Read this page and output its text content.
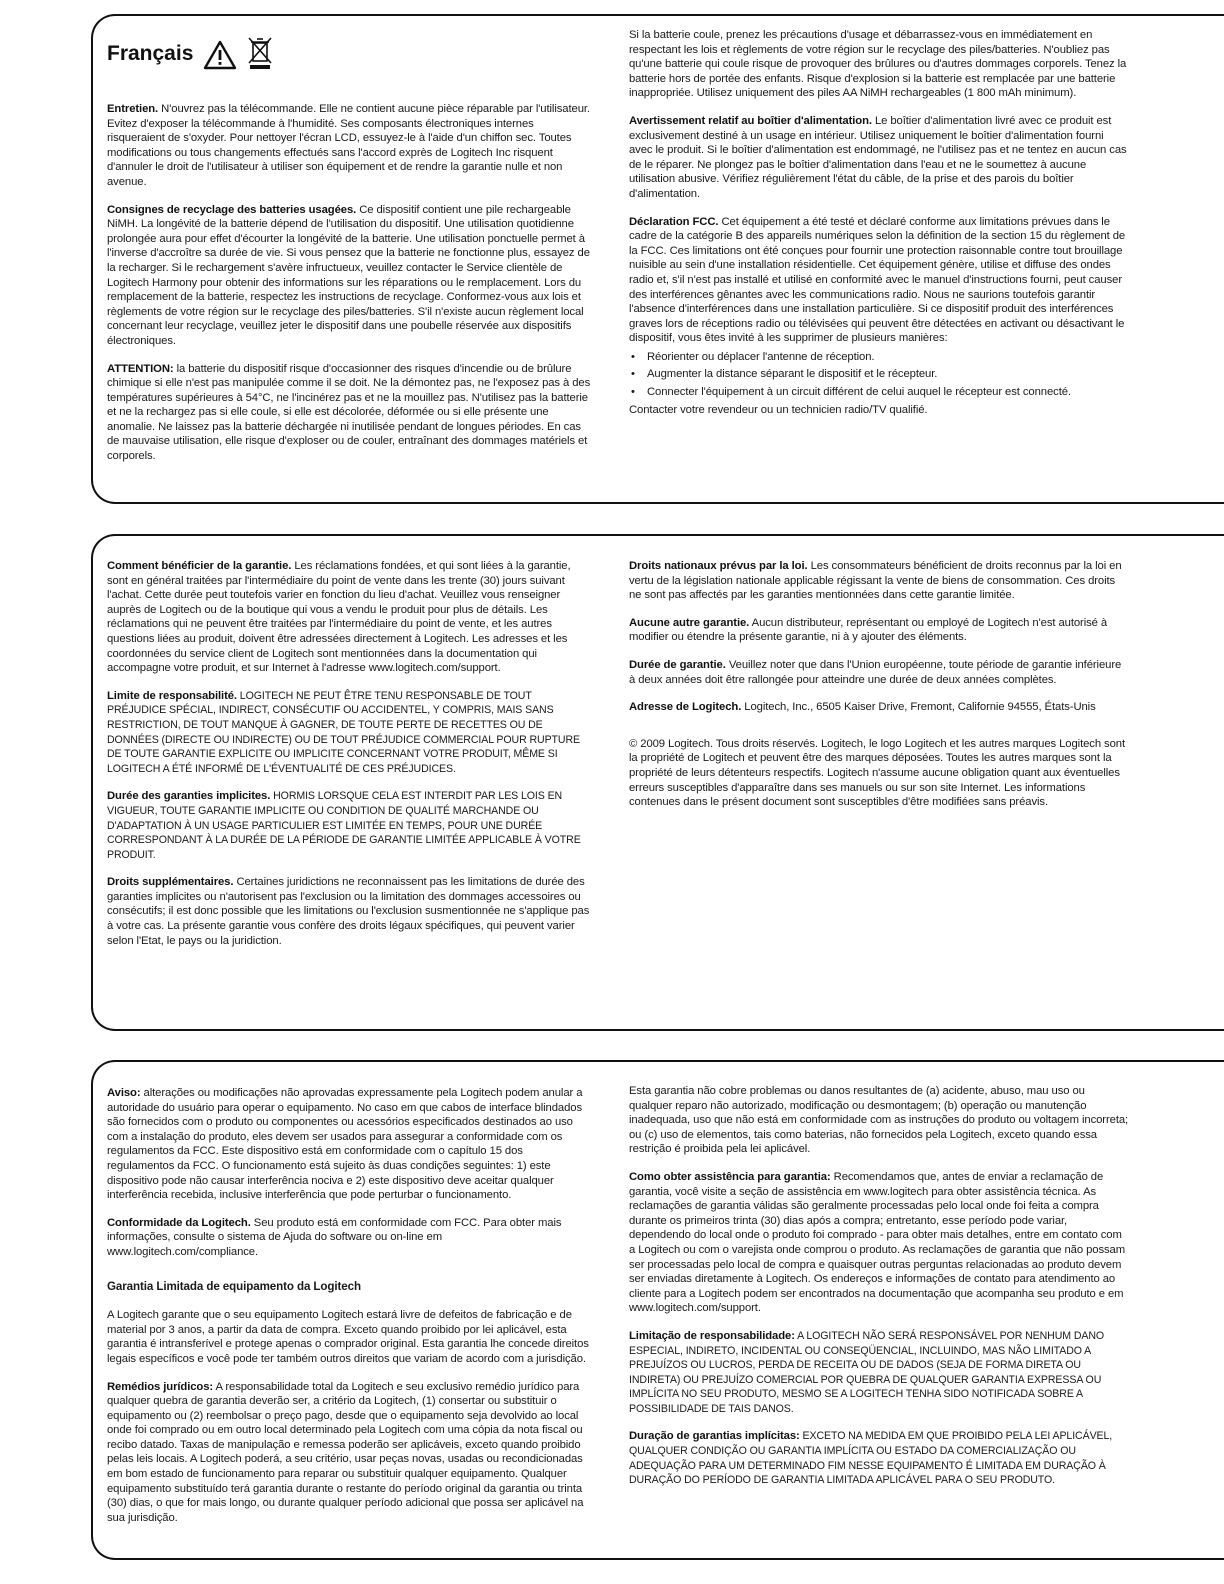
Français

Entretien. N'ouvrez pas la télécommande. Elle ne contient aucune pièce réparable par l'utilisateur. Evitez d'exposer la télécommande à l'humidité. Ses composants électroniques internes risqueraient de s'oxyder. Pour nettoyer l'écran LCD, essuyez-le à l'aide d'un chiffon sec. Toutes modifications ou tous changements effectués sans l'accord exprès de Logitech Inc risquent d'annuler le droit de l'utilisateur à utiliser son équipement et de rendre la garantie nulle et non avenue.

Consignes de recyclage des batteries usagées. Ce dispositif contient une pile rechargeable NiMH. La longévité de la batterie dépend de l'utilisation du dispositif. Une utilisation quotidienne prolongée aura pour effet d'écourter la longévité de la batterie. Une utilisation ponctuelle permet à l'inverse d'accroître sa durée de vie. Si vous pensez que la batterie ne fonctionne plus, essayez de la recharger. Si le rechargement s'avère infructueux, veuillez contacter le Service clientèle de Logitech Harmony pour obtenir des informations sur les réparations ou le remplacement. Lors du remplacement de la batterie, respectez les instructions de recyclage. Conformez-vous aux lois et règlements de votre région sur le recyclage des piles/batteries. S'il n'existe aucun règlement local concernant leur recyclage, veuillez jeter le dispositif dans une poubelle réservée aux dispositifs électroniques.

ATTENTION: la batterie du dispositif risque d'occasionner des risques d'incendie ou de brûlure chimique si elle n'est pas manipulée comme il se doit. Ne la démontez pas, ne l'exposez pas à des températures supérieures à 54°C, ne l'incinérez pas et ne la mouillez pas. N'utilisez pas la batterie et ne la rechargez pas si elle coule, si elle est décolorée, déformée ou si elle présente une anomalie. Ne laissez pas la batterie déchargée ni inutilisée pendant de longues périodes. En cas de mauvaise utilisation, elle risque d'exploser ou de couler, entraînant des dommages matériels et corporels.

Si la batterie coule, prenez les précautions d'usage et débarrassez-vous en immédiatement en respectant les lois et règlements de votre région sur le recyclage des piles/batteries. N'oubliez pas qu'une batterie qui coule risque de provoquer des brûlures ou d'autres dommages corporels. Tenez la batterie hors de portée des enfants. Risque d'explosion si la batterie est remplacée par une batterie inappropriée. Utilisez uniquement des piles AA NiMH rechargeables (1 800 mAh minimum).

Avertissement relatif au boîtier d'alimentation. Le boîtier d'alimentation livré avec ce produit est exclusivement destiné à un usage en intérieur. Utilisez uniquement le boîtier d'alimentation fourni avec le produit. Si le boîtier d'alimentation est endommagé, ne l'utilisez pas et ne tentez en aucun cas de le réparer. Ne plongez pas le boîtier d'alimentation dans l'eau et ne le soumettez à aucune utilisation abusive. Vérifiez régulièrement l'état du câble, de la prise et des parois du boîtier d'alimentation.

Déclaration FCC. Cet équipement a été testé et déclaré conforme aux limitations prévues dans le cadre de la catégorie B des appareils numériques selon la définition de la section 15 du règlement de la FCC. Ces limitations ont été conçues pour fournir une protection raisonnable contre tout brouillage nuisible au sein d'une installation résidentielle. Cet équipement génère, utilise et diffuse des ondes radio et, s'il n'est pas installé et utilisé en conformité avec le manuel d'instructions fourni, peut causer des interférences gênantes avec les communications radio. Nous ne saurions toutefois garantir l'absence d'interférences dans une installation particulière. Si ce dispositif produit des interférences graves lors de réceptions radio ou télévisées qui peuvent être détectées en activant ou désactivant le dispositif, vous êtes invité à les supprimer de plusieurs manières:

• Réorienter ou déplacer l'antenne de réception.
• Augmenter la distance séparant le dispositif et le récepteur.
• Connecter l'équipement à un circuit différent de celui auquel le récepteur est connecté.

Contacter votre revendeur ou un technicien radio/TV qualifié.

Comment bénéficier de la garantie. Les réclamations fondées, et qui sont liées à la garantie, sont en général traitées par l'intermédiaire du point de vente dans les trente (30) jours suivant l'achat. Cette durée peut toutefois varier en fonction du lieu d'achat. Veuillez vous renseigner auprès de Logitech ou de la boutique qui vous a vendu le produit pour plus de détails. Les réclamations qui ne peuvent être traitées par l'intermédiaire du point de vente, et les autres questions liées au produit, doivent être adressées directement à Logitech. Les adresses et les coordonnées du service client de Logitech sont mentionnées dans la documentation qui accompagne votre produit, et sur Internet à l'adresse www.logitech.com/support.

Limite de responsabilité. LOGITECH NE PEUT ÊTRE TENU RESPONSABLE DE TOUT PRÉJUDICE SPÉCIAL, INDIRECT, CONSÉCUTIF OU ACCIDENTEL, Y COMPRIS, MAIS SANS RESTRICTION, DE TOUT MANQUE À GAGNER, DE TOUTE PERTE DE RECETTES OU DE DONNÉES (DIRECTE OU INDIRECTE) OU DE TOUT PRÉJUDICE COMMERCIAL POUR RUPTURE DE TOUTE GARANTIE EXPLICITE OU IMPLICITE CONCERNANT VOTRE PRODUIT, MÊME SI LOGITECH A ÉTÉ INFORMÉ DE L'ÉVENTUALITÉ DE CES PRÉJUDICES.

Durée des garanties implicites. HORMIS LORSQUE CELA EST INTERDIT PAR LES LOIS EN VIGUEUR, TOUTE GARANTIE IMPLICITE OU CONDITION DE QUALITÉ MARCHANDE OU D'ADAPTATION À UN USAGE PARTICULIER EST LIMITÉE EN TEMPS, POUR UNE DURÉE CORRESPONDANT À LA DURÉE DE LA PÉRIODE DE GARANTIE LIMITÉE APPLICABLE À VOTRE PRODUIT.

Droits supplémentaires. Certaines juridictions ne reconnaissent pas les limitations de durée des garanties implicites ou n'autorisent pas l'exclusion ou la limitation des dommages accessoires ou consécutifs; il est donc possible que les limitations ou l'exclusion susmentionnée ne s'applique pas à votre cas. La présente garantie vous confère des droits légaux spécifiques, qui peuvent varier selon l'Etat, le pays ou la juridiction.

Droits nationaux prévus par la loi. Les consommateurs bénéficient de droits reconnus par la loi en vertu de la législation nationale applicable régissant la vente de biens de consommation. Ces droits ne sont pas affectés par les garanties mentionnées dans cette garantie limitée.

Aucune autre garantie. Aucun distributeur, représentant ou employé de Logitech n'est autorisé à modifier ou étendre la présente garantie, ni à y ajouter des éléments.

Durée de garantie. Veuillez noter que dans l'Union européenne, toute période de garantie inférieure à deux années doit être rallongée pour atteindre une durée de deux années complètes.

Adresse de Logitech. Logitech, Inc., 6505 Kaiser Drive, Fremont, Californie 94555, États-Unis

© 2009 Logitech. Tous droits réservés. Logitech, le logo Logitech et les autres marques Logitech sont la propriété de Logitech et peuvent être des marques déposées. Toutes les autres marques sont la propriété de leurs détenteurs respectifs. Logitech n'assume aucune obligation quant aux éventuelles erreurs susceptibles d'apparaître dans ses manuels ou sur son site Internet. Les informations contenues dans le présent document sont susceptibles d'être modifiées sans préavis.

Aviso: alterações ou modificações não aprovadas expressamente pela Logitech podem anular a autoridade do usuário para operar o equipamento. No caso em que cabos de interface blindados são fornecidos com o produto ou componentes ou acessórios especificados destinados ao uso com a instalação do produto, eles devem ser usados para assegurar a conformidade com os regulamentos da FCC. Este dispositivo está em conformidade com o capítulo 15 dos regulamentos da FCC. O funcionamento está sujeito às duas condições seguintes: 1) este dispositivo pode não causar interferência nociva e 2) este dispositivo deve aceitar qualquer interferência recebida, inclusive interferência que pode perturbar o funcionamento.

Conformidade da Logitech. Seu produto está em conformidade com FCC. Para obter mais informações, consulte o sistema de Ajuda do software ou on-line em www.logitech.com/compliance.

Garantia Limitada de equipamento da Logitech

A Logitech garante que o seu equipamento Logitech estará livre de defeitos de fabricação e de material por 3 anos, a partir da data de compra. Exceto quando proibido por lei aplicável, esta garantia é intransferível e protege apenas o comprador original. Esta garantia lhe concede direitos legais específicos e você pode ter também outros direitos que variam de acordo com a jurisdição.

Remédios jurídicos: A responsabilidade total da Logitech e seu exclusivo remédio jurídico para qualquer quebra de garantia deverão ser, a critério da Logitech, (1) consertar ou substituir o equipamento ou (2) reembolsar o preço pago, desde que o equipamento seja devolvido ao local onde foi comprado ou em outro local determinado pela Logitech com uma cópia da nota fiscal ou recibo datado. Taxas de manipulação e remessa poderão ser aplicáveis, exceto quando proibido pelas leis locais. A Logitech poderá, a seu critério, usar peças novas, usadas ou recondicionadas em bom estado de funcionamento para reparar ou substituir qualquer equipamento. Qualquer equipamento substituído terá garantia durante o restante do período original da garantia ou trinta (30) dias, o que for mais longo, ou durante qualquer período adicional que possa ser aplicável na sua jurisdição.

Esta garantia não cobre problemas ou danos resultantes de (a) acidente, abuso, mau uso ou qualquer reparo não autorizado, modificação ou desmontagem; (b) operação ou manutenção inadequada, uso que não está em conformidade com as instruções do produto ou voltagem incorreta; ou (c) uso de elementos, tais como baterias, não fornecidos pela Logitech, exceto quando essa restrição é proibida pela lei aplicável.

Como obter assistência para garantia: Recomendamos que, antes de enviar a reclamação de garantia, você visite a seção de assistência em www.logitech para obter assistência técnica. As reclamações de garantia válidas são geralmente processadas pelo local onde foi feita a compra durante os primeiros trinta (30) dias após a compra; entretanto, esse período pode variar, dependendo do local onde o produto foi comprado - para obter mais detalhes, entre em contato com a Logitech ou com o varejista onde comprou o produto. As reclamações de garantia que não possam ser processadas pelo local de compra e quaisquer outras perguntas relacionadas ao produto devem ser enviadas diretamente à Logitech. Os endereços e informações de contato para atendimento ao cliente para a Logitech podem ser encontrados na documentação que acompanha seu produto e em www.logitech.com/support.

Limitação de responsabilidade: A LOGITECH NÃO SERÁ RESPONSÁVEL POR NENHUM DANO ESPECIAL, INDIRETO, INCIDENTAL OU CONSEQÜENCIAL, INCLUINDO, MAS NÃO LIMITADO A PREJUÍZOS OU LUCROS, PERDA DE RECEITA OU DE DADOS (SEJA DE FORMA DIRETA OU INDIRETA) OU PREJUÍZO COMERCIAL POR QUEBRA DE QUALQUER GARANTIA EXPRESSA OU IMPLÍCITA NO SEU PRODUTO, MESMO SE A LOGITECH TENHA SIDO NOTIFICADA SOBRE A POSSIBILIDADE DE TAIS DANOS.

Duração de garantias implícitas: EXCETO NA MEDIDA EM QUE PROIBIDO PELA LEI APLICÁVEL, QUALQUER CONDIÇÃO OU GARANTIA IMPLÍCITA OU ESTADO DA COMERCIALIZAÇÃO OU ADEQUAÇÃO PARA UM DETERMINADO FIM NESSE EQUIPAMENTO É LIMITADA EM DURAÇÃO À DURAÇÃO DO PERÍODO DE GARANTIA LIMITADA APLICÁVEL PARA O SEU PRODUTO.
